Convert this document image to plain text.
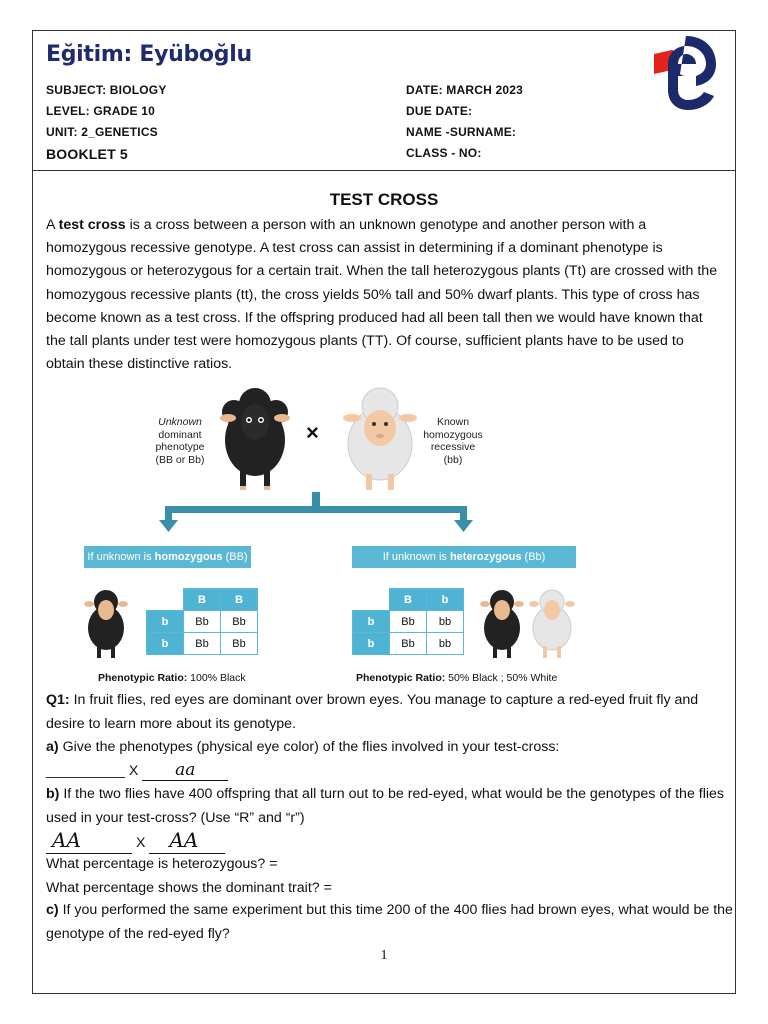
Eğitim: Eyüboğlu
SUBJECT: BIOLOGY
LEVEL: GRADE 10
UNIT: 2_GENETICS
BOOKLET 5
DATE: MARCH 2023
DUE DATE:
NAME -SURNAME:
CLASS - NO:
TEST CROSS
A test cross is a cross between a person with an unknown genotype and another person with a homozygous recessive genotype. A test cross can assist in determining if a dominant phenotype is homozygous or heterozygous for a certain trait. When the tall heterozygous plants (Tt) are crossed with the homozygous recessive plants (tt), the cross yields 50% tall and 50% dwarf plants. This type of cross has become known as a test cross. If the offspring produced had all been tall then we would have known that the tall plants under test were homozygous plants (TT). Of course, sufficient plants have to be used to obtain these distinctive ratios.
Unknown
dominant
phenotype
(BB or Bb)
×	Known
homozygous
recessive
(bb)
If unknown is homozygous (BB)	If unknown is heterozygous (Bb)
	B	B
b	Bb	Bb
b	Bb	Bb
	B	b
b	Bb	bb
b	Bb	bb
Phenotypic Ratio: 100% Black	Phenotypic Ratio: 50% Black ; 50% White
Q1: In fruit flies, red eyes are dominant over brown eyes. You manage to capture a red-eyed fruit fly and desire to learn more about its genotype.
a) Give the phenotypes (physical eye color) of the flies involved in your test-cross:
__________ X aa
b) If the two flies have 400 offspring that all turn out to be red-eyed, what would be the genotypes of the flies used in your test-cross? (Use “R” and “r”)
AA	X AA
What percentage is heterozygous? =
What percentage shows the dominant trait? =
c) If you performed the same experiment but this time 200 of the 400 flies had brown eyes, what would be the genotype of the red-eyed fly?
1
